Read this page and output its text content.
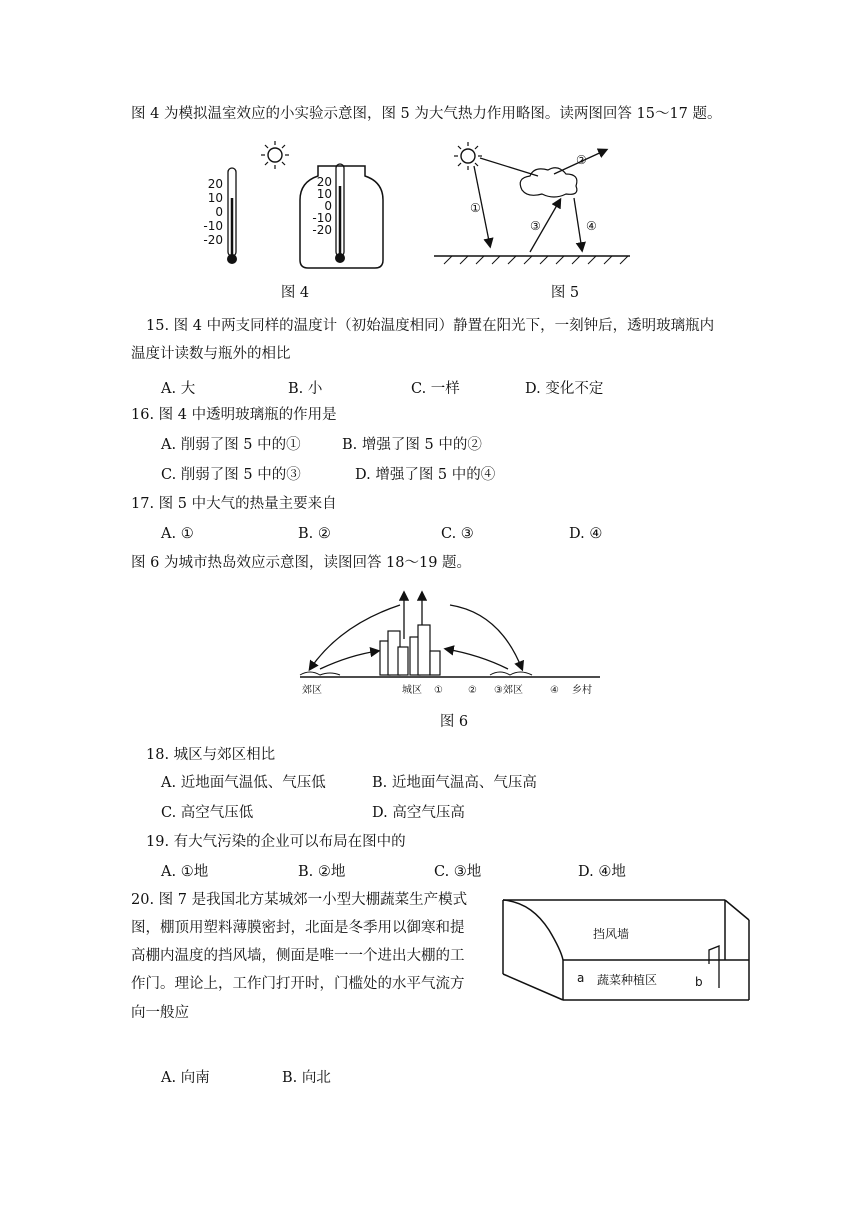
图 4 为模拟温室效应的小实验示意图，图 5 为大气热力作用略图。读两图回答 15～17 题。
20
10
0
-10
-20
20
10
0
-10
-20
图 4
①
②
③	④
图 5
15. 图 4 中两支同样的温度计（初始温度相同）静置在阳光下，一刻钟后，透明玻璃瓶内
温度计读数与瓶外的相比
A. 大	B. 小	C. 一样	D. 变化不定
16. 图 4 中透明玻璃瓶的作用是
A. 削弱了图 5 中的①	B. 增强了图 5 中的②
C. 削弱了图 5 中的③	D. 增强了图 5 中的④
17. 图 5 中大气的热量主要来自
A. ①	B. ②	C. ③	D. ④
图 6 为城市热岛效应示意图，读图回答 18～19 题。
郊区	城区 ①	② ③郊区	④ 乡村
图 6
18. 城区与郊区相比
A. 近地面气温低、气压低	B. 近地面气温高、气压高
C. 高空气压低	D. 高空气压高
19. 有大气污染的企业可以布局在图中的
A. ①地	B. ②地	C. ③地	D. ④地
20. 图 7 是我国北方某城郊一小型大棚蔬菜生产模式
图，棚顶用塑料薄膜密封，北面是冬季用以御寒和提
高棚内温度的挡风墙，侧面是唯一一个进出大棚的工
作门。理论上，工作门打开时，门槛处的水平气流方
向一般应
挡风墙
蔬菜种植区
a	b
A. 向南	B. 向北
